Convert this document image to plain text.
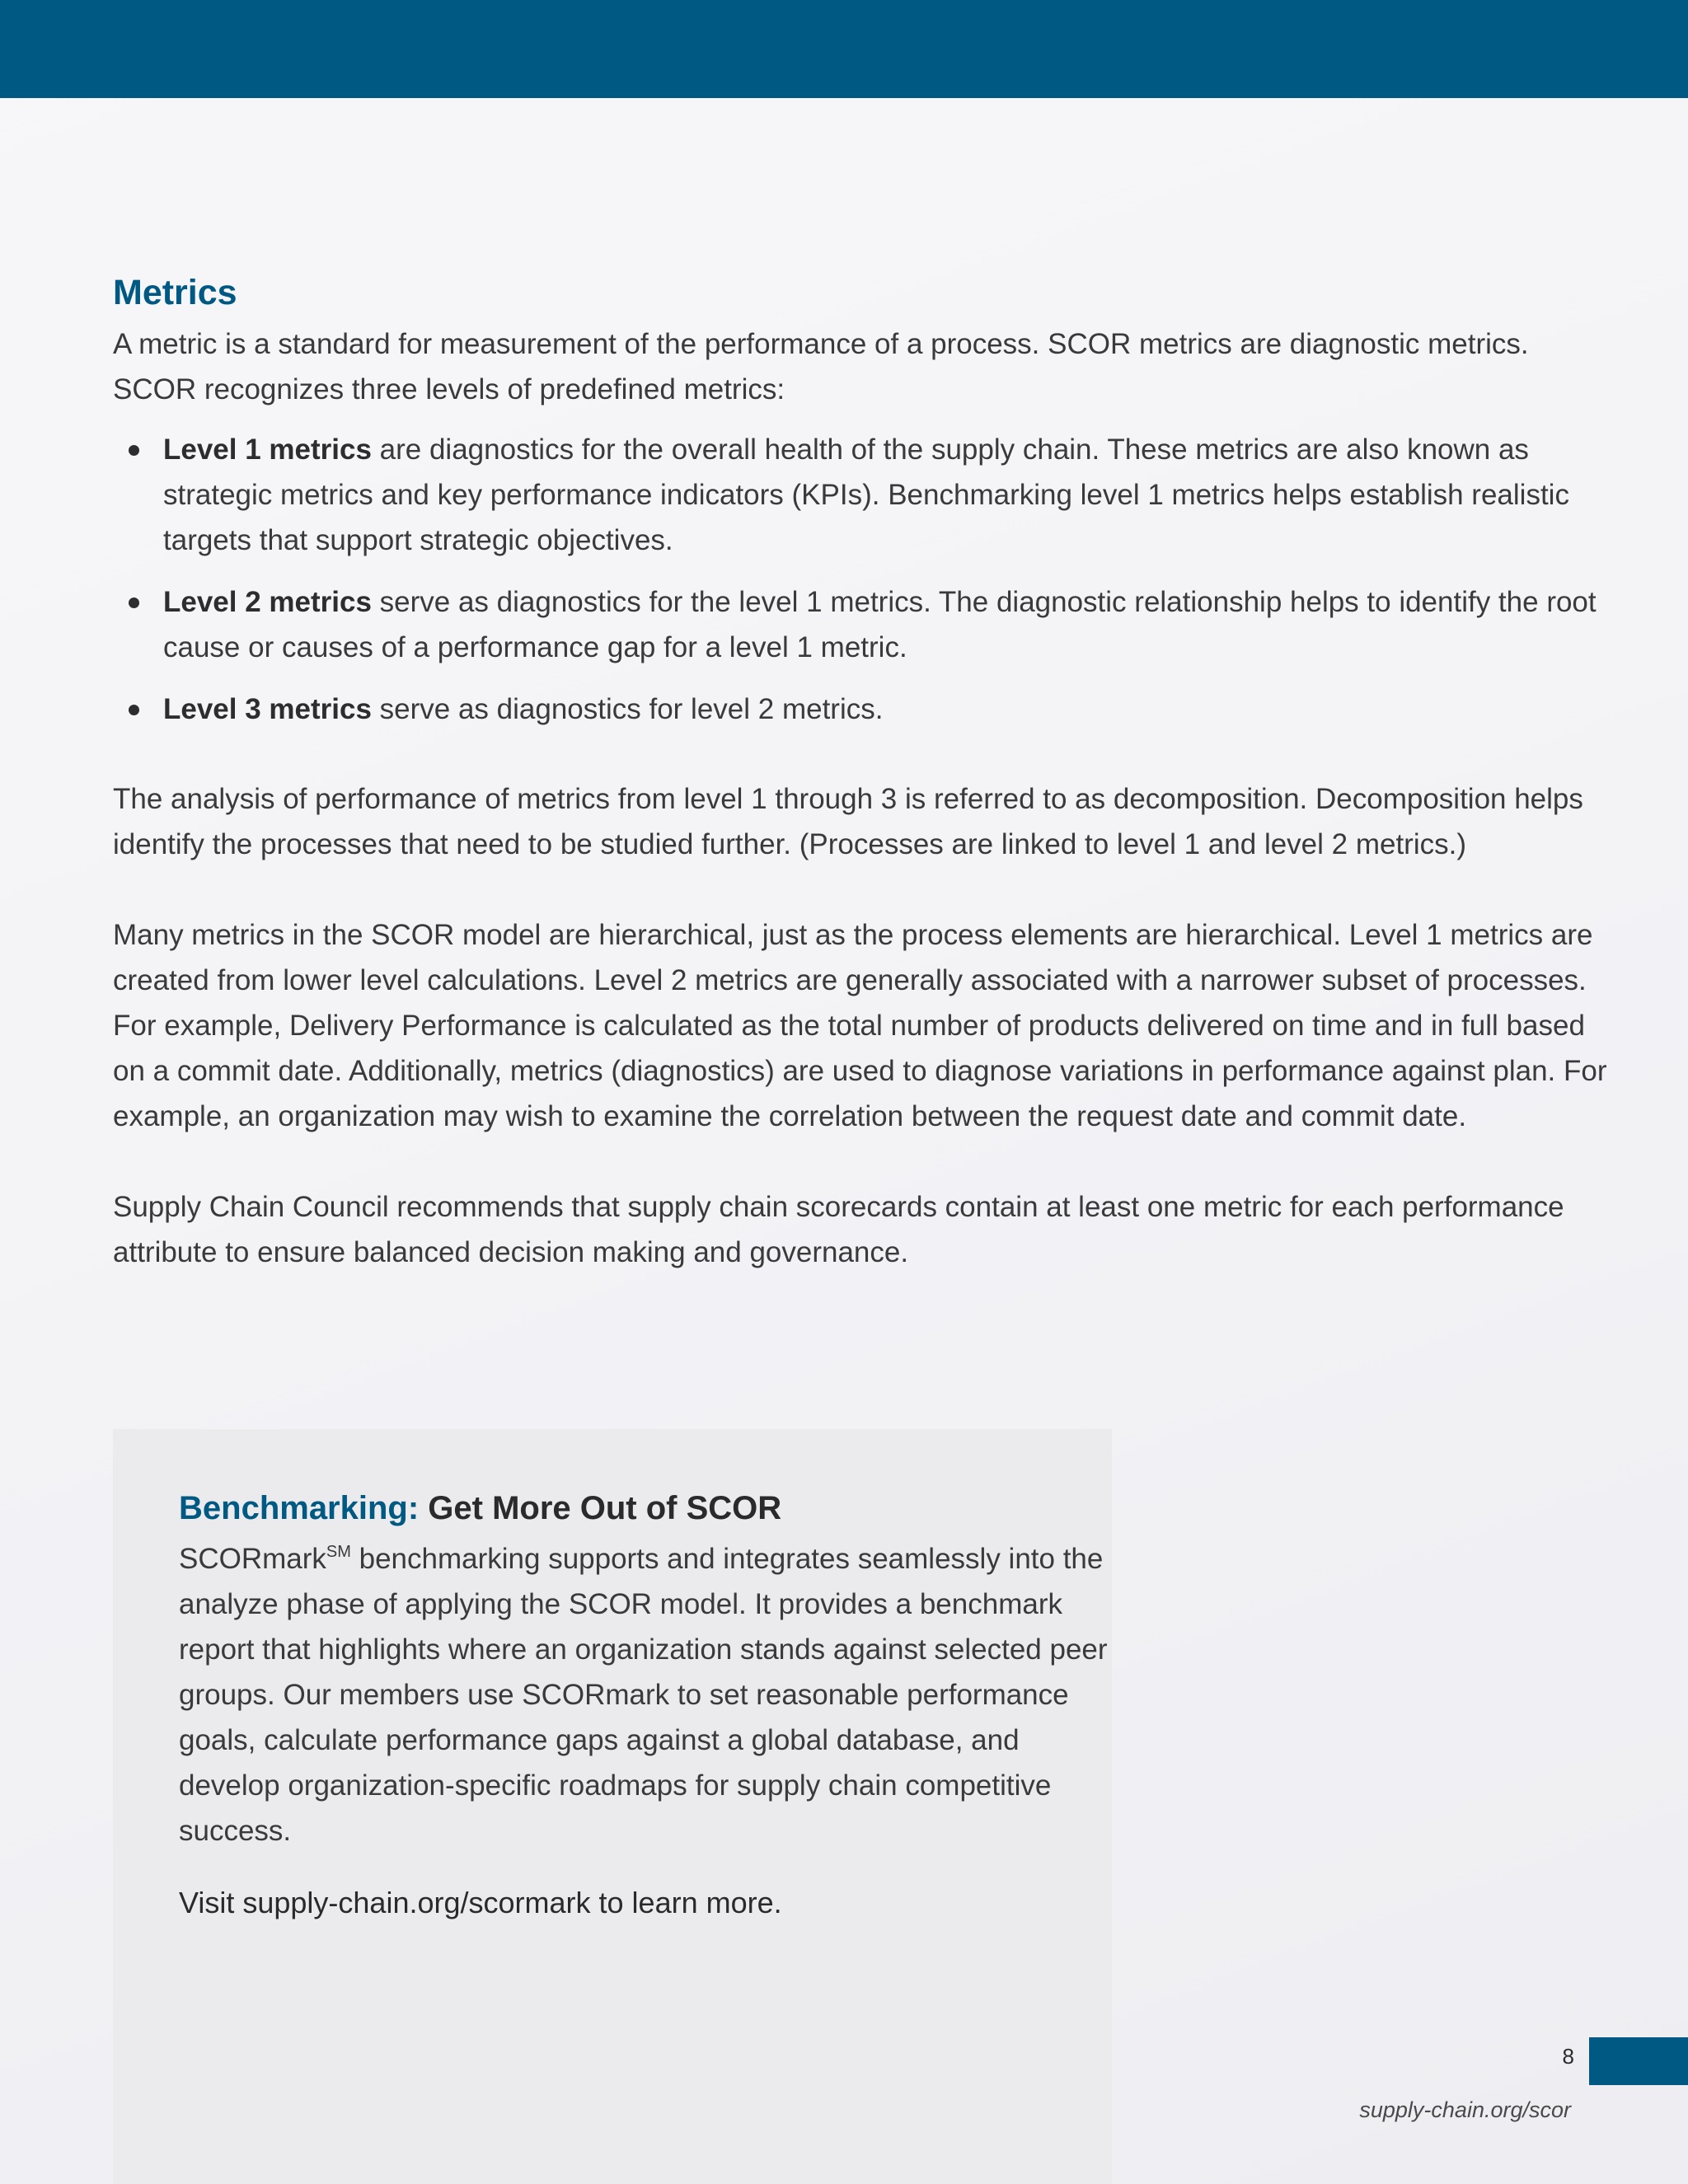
Metrics

A metric is a standard for measurement of the performance of a process. SCOR metrics are diagnostic metrics. SCOR recognizes three levels of predefined metrics:

Level 1 metrics are diagnostics for the overall health of the supply chain. These metrics are also known as strategic metrics and key performance indicators (KPIs). Benchmarking level 1 metrics helps establish realistic targets that support strategic objectives.
Level 2 metrics serve as diagnostics for the level 1 metrics. The diagnostic relationship helps to identify the root cause or causes of a performance gap for a level 1 metric.
Level 3 metrics serve as diagnostics for level 2 metrics.

The analysis of performance of metrics from level 1 through 3 is referred to as decomposition. Decomposition helps identify the processes that need to be studied further. (Processes are linked to level 1 and level 2 metrics.)

Many metrics in the SCOR model are hierarchical, just as the process elements are hierarchical. Level 1 metrics are created from lower level calculations. Level 2 metrics are generally associated with a narrower subset of processes. For example, Delivery Performance is calculated as the total number of products delivered on time and in full based on a commit date. Additionally, metrics (diagnostics) are used to diagnose variations in performance against plan. For example, an organization may wish to examine the correlation between the request date and commit date.

Supply Chain Council recommends that supply chain scorecards contain at least one metric for each performance attribute to ensure balanced decision making and governance.

Benchmarking: Get More Out of SCOR

SCORmark℠ benchmarking supports and integrates seamlessly into the analyze phase of applying the SCOR model. It provides a benchmark report that highlights where an organization stands against selected peer groups. Our members use SCORmark to set reasonable performance goals, calculate performance gaps against a global database, and develop organization-specific roadmaps for supply chain competitive success.

Visit supply-chain.org/scormark to learn more.

8
supply-chain.org/scor
